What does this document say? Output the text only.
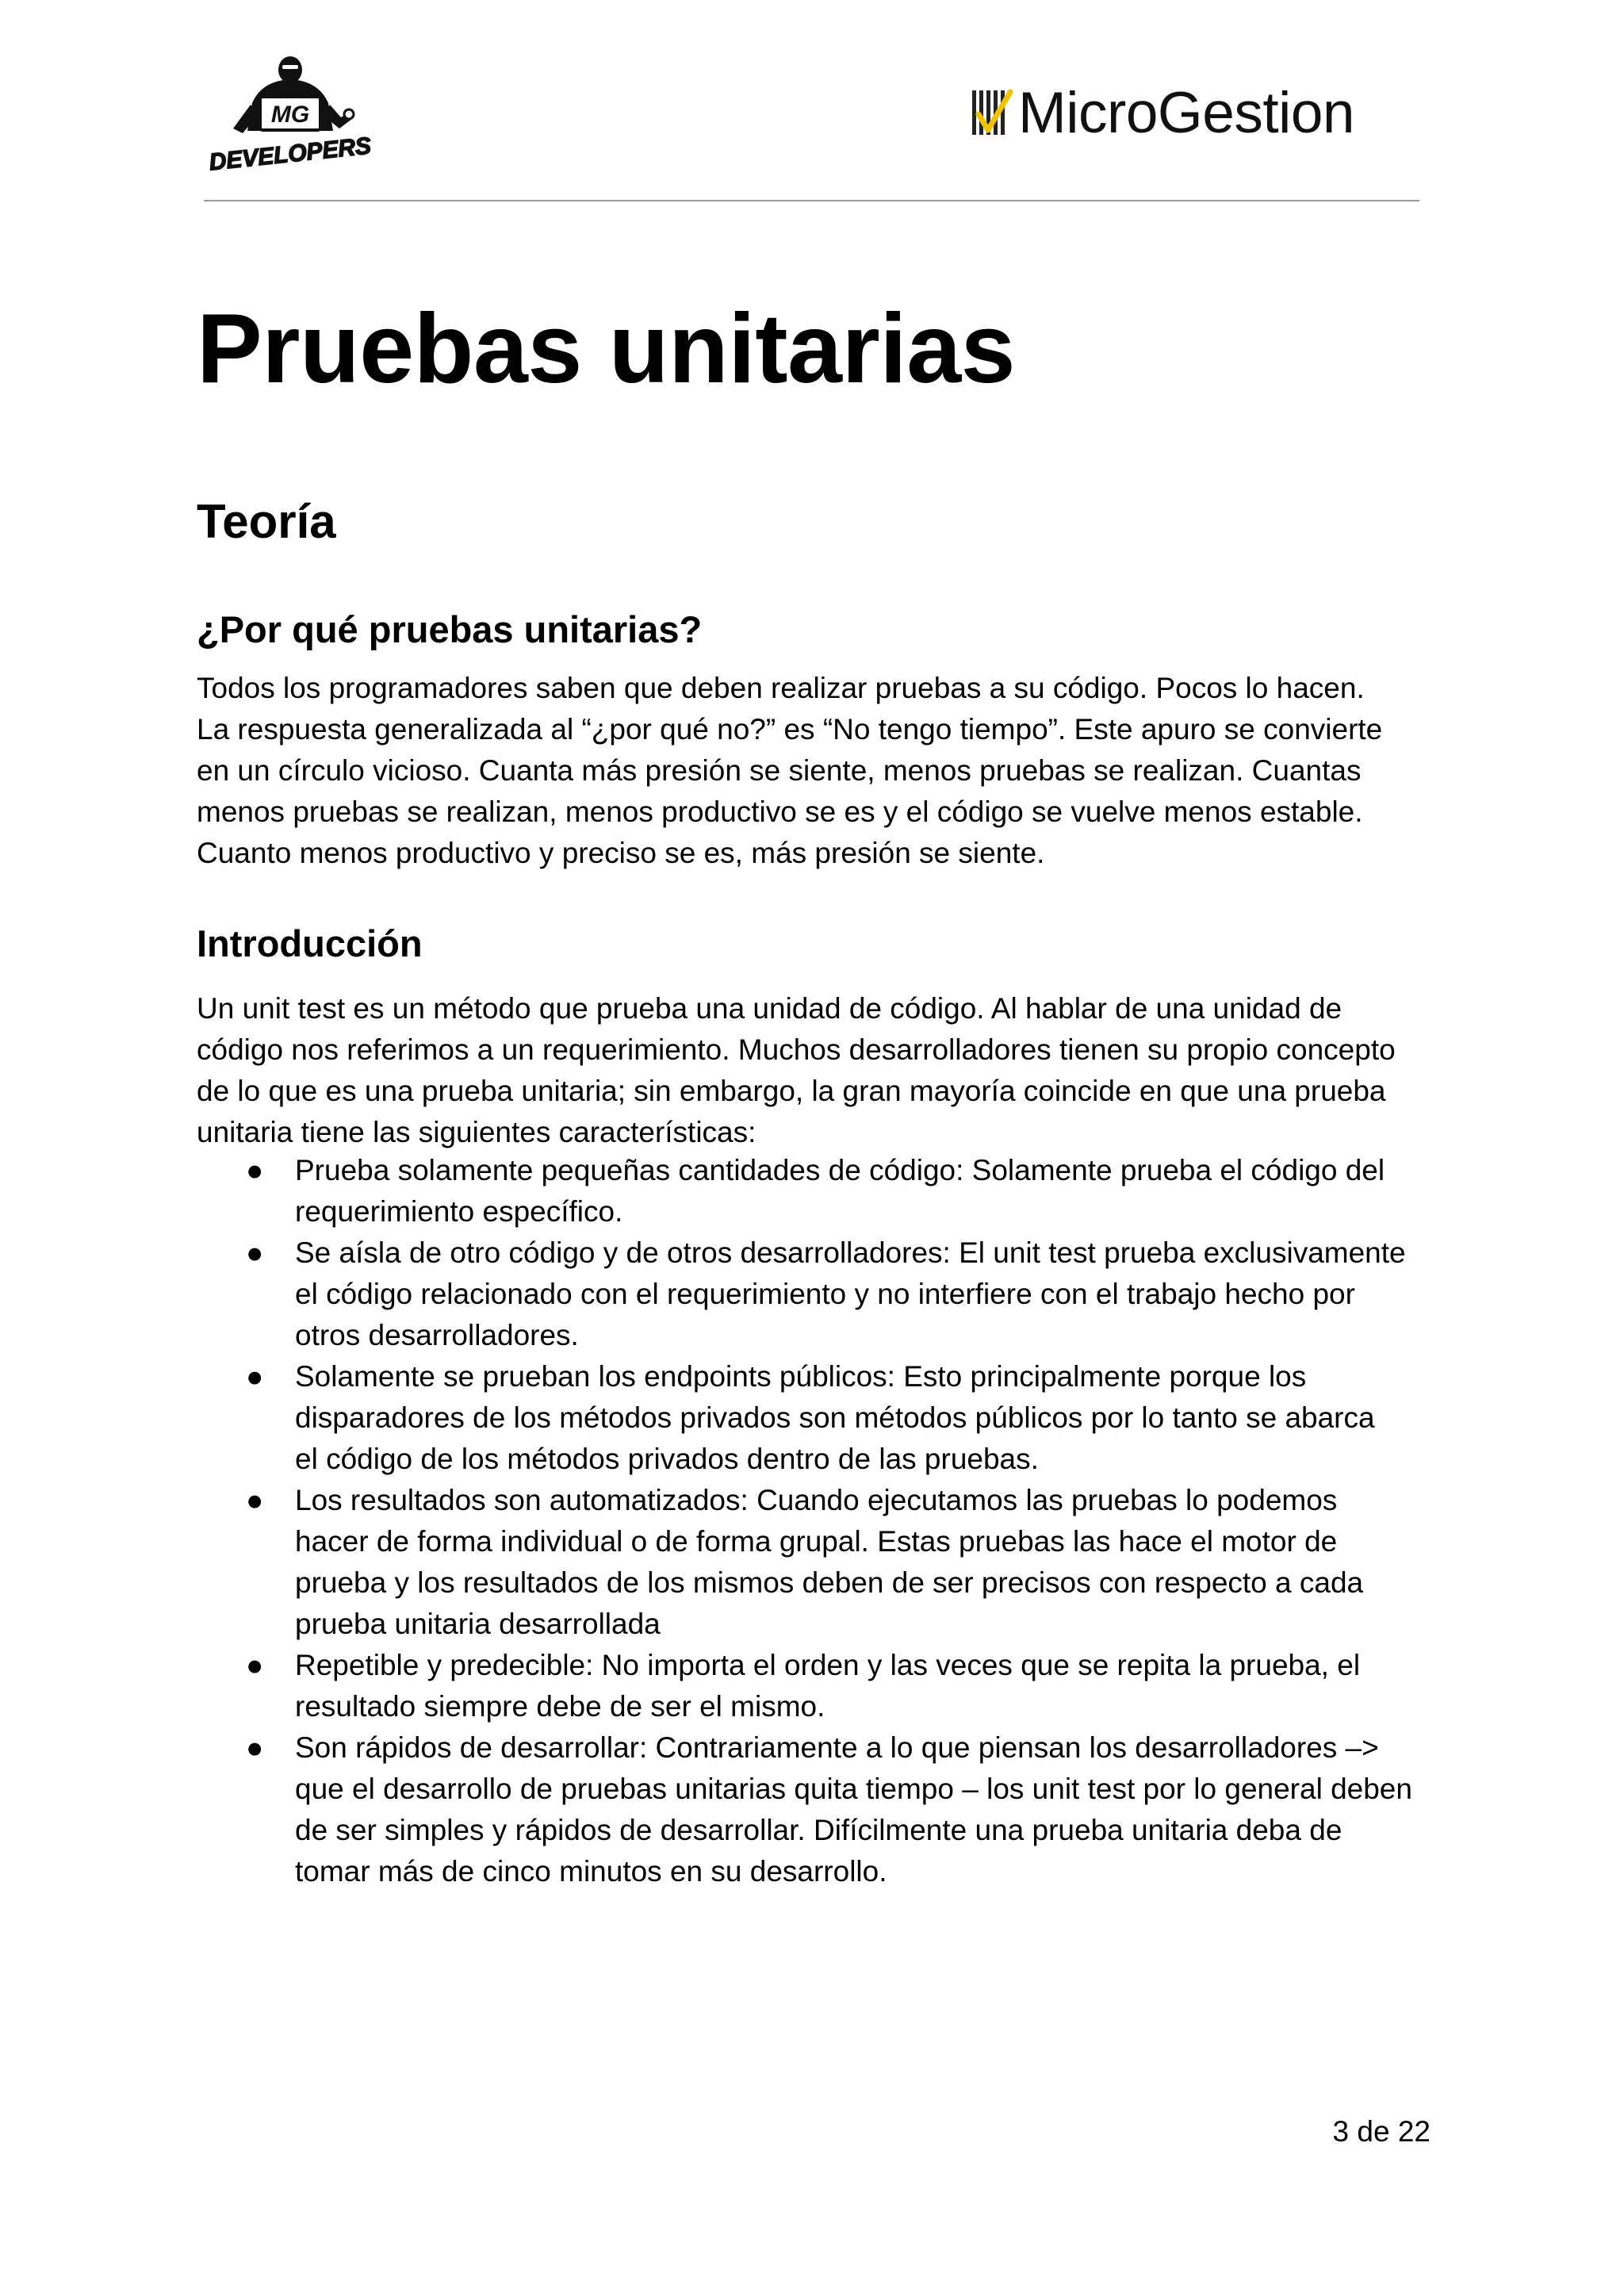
MG
DEVELOPERS
MicroGestion
Pruebas unitarias
Teoría
¿Por qué pruebas unitarias?

Todos los programadores saben que deben realizar pruebas a su código. Pocos lo hacen.
La respuesta generalizada al “¿por qué no?” es “No tengo tiempo”. Este apuro se convierte
en un círculo vicioso. Cuanta más presión se siente, menos pruebas se realizan. Cuantas
menos pruebas se realizan, menos productivo se es y el código se vuelve menos estable.
Cuanto menos productivo y preciso se es, más presión se siente.

Introducción

Un unit test es un método que prueba una unidad de código. Al hablar de una unidad de
código nos referimos a un requerimiento. Muchos desarrolladores tienen su propio concepto
de lo que es una prueba unitaria; sin embargo, la gran mayoría coincide en que una prueba
unitaria tiene las siguientes características:

● Prueba solamente pequeñas cantidades de código: Solamente prueba el código del
requerimiento específico.
● Se aísla de otro código y de otros desarrolladores: El unit test prueba exclusivamente
el código relacionado con el requerimiento y no interfiere con el trabajo hecho por
otros desarrolladores.
● Solamente se prueban los endpoints públicos: Esto principalmente porque los
disparadores de los métodos privados son métodos públicos por lo tanto se abarca
el código de los métodos privados dentro de las pruebas.
● Los resultados son automatizados: Cuando ejecutamos las pruebas lo podemos
hacer de forma individual o de forma grupal. Estas pruebas las hace el motor de
prueba y los resultados de los mismos deben de ser precisos con respecto a cada
prueba unitaria desarrollada
● Repetible y predecible: No importa el orden y las veces que se repita la prueba, el
resultado siempre debe de ser el mismo.
● Son rápidos de desarrollar: Contrariamente a lo que piensan los desarrolladores –>
que el desarrollo de pruebas unitarias quita tiempo – los unit test por lo general deben
de ser simples y rápidos de desarrollar. Difícilmente una prueba unitaria deba de
tomar más de cinco minutos en su desarrollo.

3 de 22
